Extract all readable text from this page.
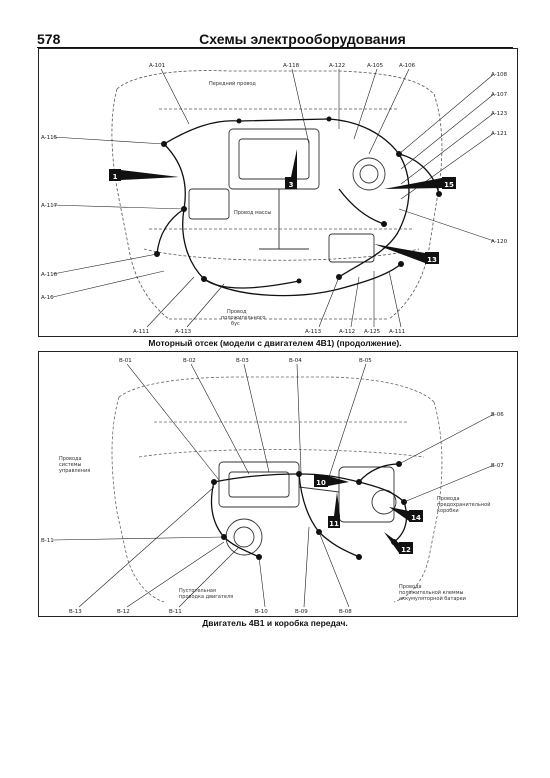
578	Схемы электрооборудования
1
3	15
13
A-101	A-118	A-122	A-105	A-106
A-108
A-107
A-123
A-121
A-115
A-117
A-120
A-116
A-16
A-111	A-113	A-113	A-112 A-125 A-111
Передний провод
Провод массы
Провод
положительного
бус
Моторный отсек (модели с двигателем 4В1) (продолжение).
10
11
14
12
B-01	B-02	B-03	B-04	B-05
B-06
B-07
B-11
B-13	B-12	B-11	B-10	B-09	B-08
Провода
системы
управления
Пустотельная
проводка двигателя
Провода
предохранительной
коробки
Провода
положительной клеммы
аккумуляторной батареи
Двигатель 4В1 и коробка передач.
